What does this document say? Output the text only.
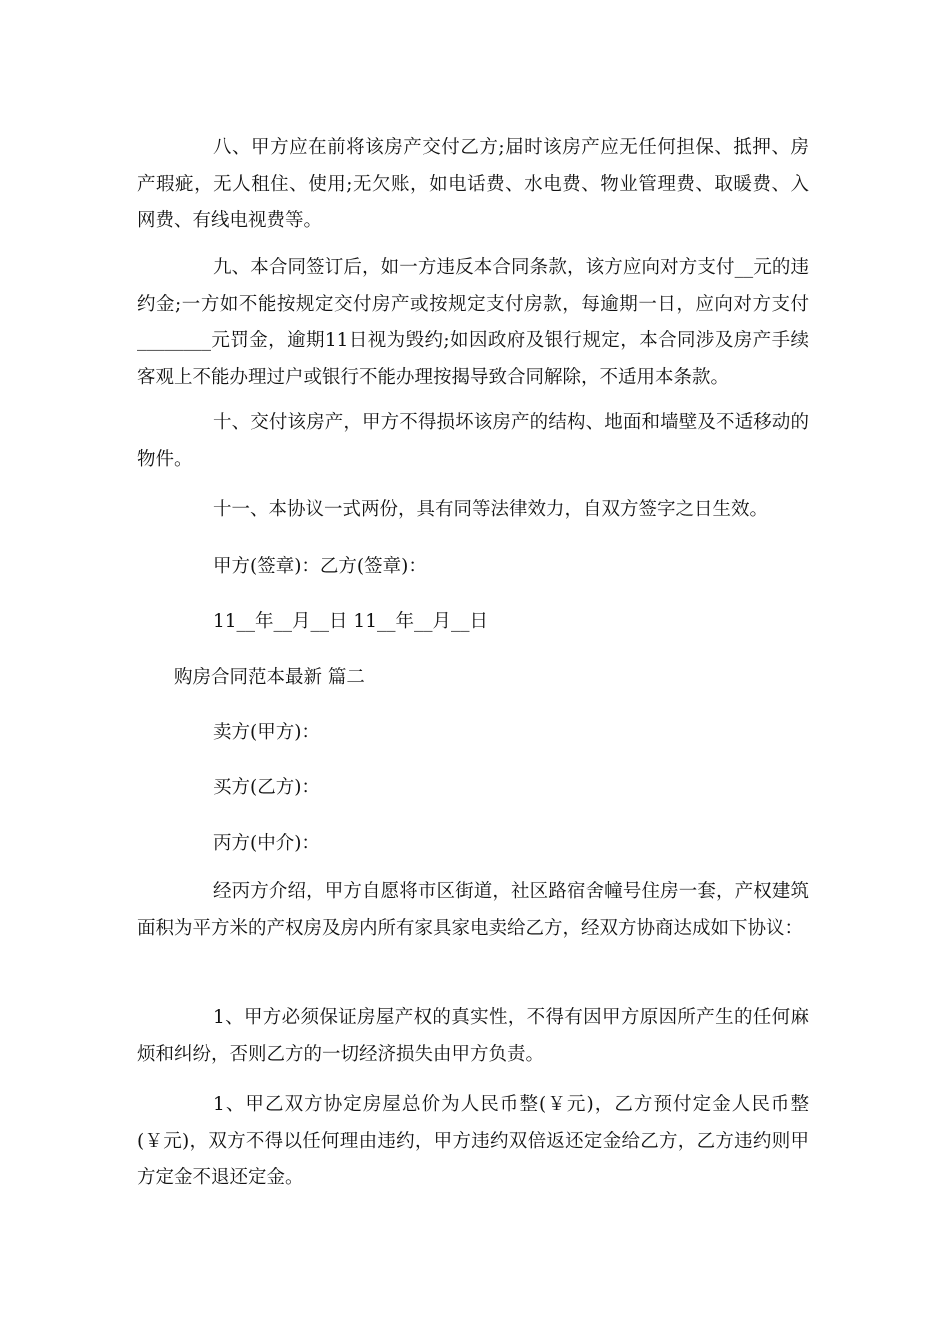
八、甲方应在前将该房产交付乙方;届时该房产应无任何担保、抵押、房产瑕疵，无人租住、使用;无欠账，如电话费、水电费、物业管理费、取暖费、入网费、有线电视费等。

九、本合同签订后，如一方违反本合同条款，该方应向对方支付__元的违约金;一方如不能按规定交付房产或按规定支付房款，每逾期一日，应向对方支付________元罚金，逾期11日视为毁约;如因政府及银行规定，本合同涉及房产手续客观上不能办理过户或银行不能办理按揭导致合同解除，不适用本条款。

十、交付该房产，甲方不得损坏该房产的结构、地面和墙壁及不适移动的物件。

十一、本协议一式两份，具有同等法律效力，自双方签字之日生效。

甲方(签章)：乙方(签章)：

11__年__月__日 11__年__月__日

购房合同范本最新 篇二

卖方(甲方)：

买方(乙方)：

丙方(中介)：

经丙方介绍，甲方自愿将市区街道，社区路宿舍幢号住房一套，产权建筑面积为平方米的产权房及房内所有家具家电卖给乙方，经双方协商达成如下协议：

1、甲方必须保证房屋产权的真实性，不得有因甲方原因所产生的任何麻烦和纠纷，否则乙方的一切经济损失由甲方负责。

1、甲乙双方协定房屋总价为人民币整(￥元)，乙方预付定金人民币整(￥元)，双方不得以任何理由违约，甲方违约双倍返还定金给乙方，乙方违约则甲方定金不退还定金。
